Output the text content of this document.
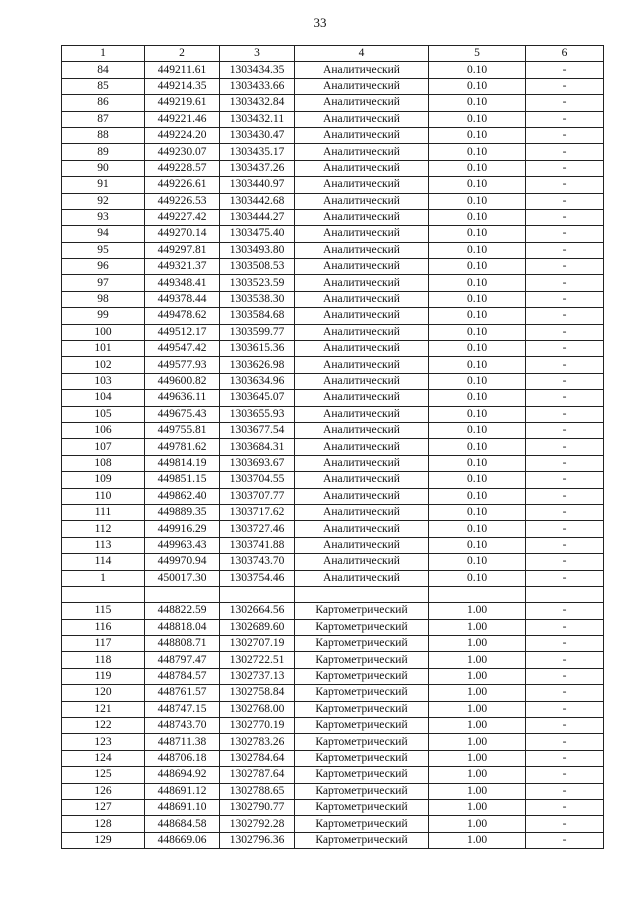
33
1	2	3	4	5	6
84	449211.61	1303434.35	Аналитический	0.10	-
85	449214.35	1303433.66	Аналитический	0.10	-
86	449219.61	1303432.84	Аналитический	0.10	-
87	449221.46	1303432.11	Аналитический	0.10	-
88	449224.20	1303430.47	Аналитический	0.10	-
89	449230.07	1303435.17	Аналитический	0.10	-
90	449228.57	1303437.26	Аналитический	0.10	-
91	449226.61	1303440.97	Аналитический	0.10	-
92	449226.53	1303442.68	Аналитический	0.10	-
93	449227.42	1303444.27	Аналитический	0.10	-
94	449270.14	1303475.40	Аналитический	0.10	-
95	449297.81	1303493.80	Аналитический	0.10	-
96	449321.37	1303508.53	Аналитический	0.10	-
97	449348.41	1303523.59	Аналитический	0.10	-
98	449378.44	1303538.30	Аналитический	0.10	-
99	449478.62	1303584.68	Аналитический	0.10	-
100	449512.17	1303599.77	Аналитический	0.10	-
101	449547.42	1303615.36	Аналитический	0.10	-
102	449577.93	1303626.98	Аналитический	0.10	-
103	449600.82	1303634.96	Аналитический	0.10	-
104	449636.11	1303645.07	Аналитический	0.10	-
105	449675.43	1303655.93	Аналитический	0.10	-
106	449755.81	1303677.54	Аналитический	0.10	-
107	449781.62	1303684.31	Аналитический	0.10	-
108	449814.19	1303693.67	Аналитический	0.10	-
109	449851.15	1303704.55	Аналитический	0.10	-
110	449862.40	1303707.77	Аналитический	0.10	-
111	449889.35	1303717.62	Аналитический	0.10	-
112	449916.29	1303727.46	Аналитический	0.10	-
113	449963.43	1303741.88	Аналитический	0.10	-
114	449970.94	1303743.70	Аналитический	0.10	-
1	450017.30	1303754.46	Аналитический	0.10	-

115	448822.59	1302664.56	Картометрический	1.00	-
116	448818.04	1302689.60	Картометрический	1.00	-
117	448808.71	1302707.19	Картометрический	1.00	-
118	448797.47	1302722.51	Картометрический	1.00	-
119	448784.57	1302737.13	Картометрический	1.00	-
120	448761.57	1302758.84	Картометрический	1.00	-
121	448747.15	1302768.00	Картометрический	1.00	-
122	448743.70	1302770.19	Картометрический	1.00	-
123	448711.38	1302783.26	Картометрический	1.00	-
124	448706.18	1302784.64	Картометрический	1.00	-
125	448694.92	1302787.64	Картометрический	1.00	-
126	448691.12	1302788.65	Картометрический	1.00	-
127	448691.10	1302790.77	Картометрический	1.00	-
128	448684.58	1302792.28	Картометрический	1.00	-
129	448669.06	1302796.36	Картометрический	1.00	-
